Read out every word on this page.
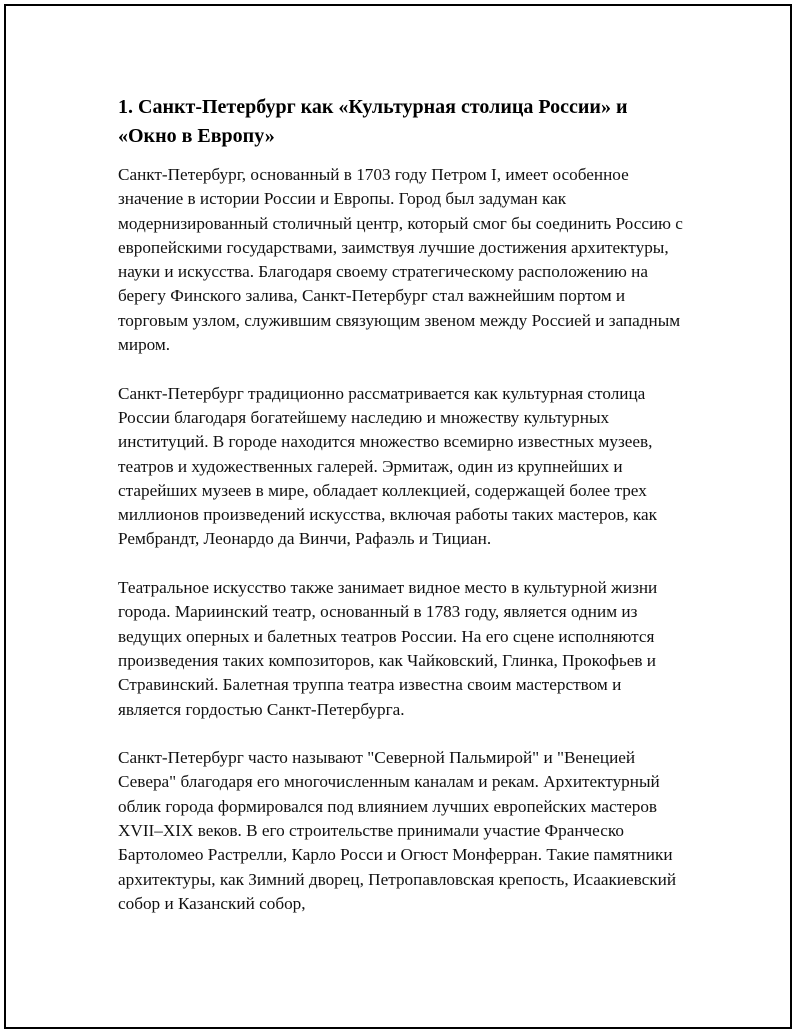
1. Санкт-Петербург как «Культурная столица России» и «Окно в Европу»

Санкт-Петербург, основанный в 1703 году Петром I, имеет особенное значение в истории России и Европы. Город был задуман как модернизированный столичный центр, который смог бы соединить Россию с европейскими государствами, заимствуя лучшие достижения архитектуры, науки и искусства. Благодаря своему стратегическому расположению на берегу Финского залива, Санкт-Петербург стал важнейшим портом и торговым узлом, служившим связующим звеном между Россией и западным миром.

Санкт-Петербург традиционно рассматривается как культурная столица России благодаря богатейшему наследию и множеству культурных институций. В городе находится множество всемирно известных музеев, театров и художественных галерей. Эрмитаж, один из крупнейших и старейших музеев в мире, обладает коллекцией, содержащей более трех миллионов произведений искусства, включая работы таких мастеров, как Рембрандт, Леонардо да Винчи, Рафаэль и Тициан.

Театральное искусство также занимает видное место в культурной жизни города. Мариинский театр, основанный в 1783 году, является одним из ведущих оперных и балетных театров России. На его сцене исполняются произведения таких композиторов, как Чайковский, Глинка, Прокофьев и Стравинский. Балетная труппа театра известна своим мастерством и является гордостью Санкт-Петербурга.

Санкт-Петербург часто называют "Северной Пальмирой" и "Венецией Севера" благодаря его многочисленным каналам и рекам. Архитектурный облик города формировался под влиянием лучших европейских мастеров XVII–XIX веков. В его строительстве принимали участие Франческо Бартоломео Растрелли, Карло Росси и Огюст Монферран. Такие памятники архитектуры, как Зимний дворец, Петропавловская крепость, Исаакиевский собор и Казанский собор,
